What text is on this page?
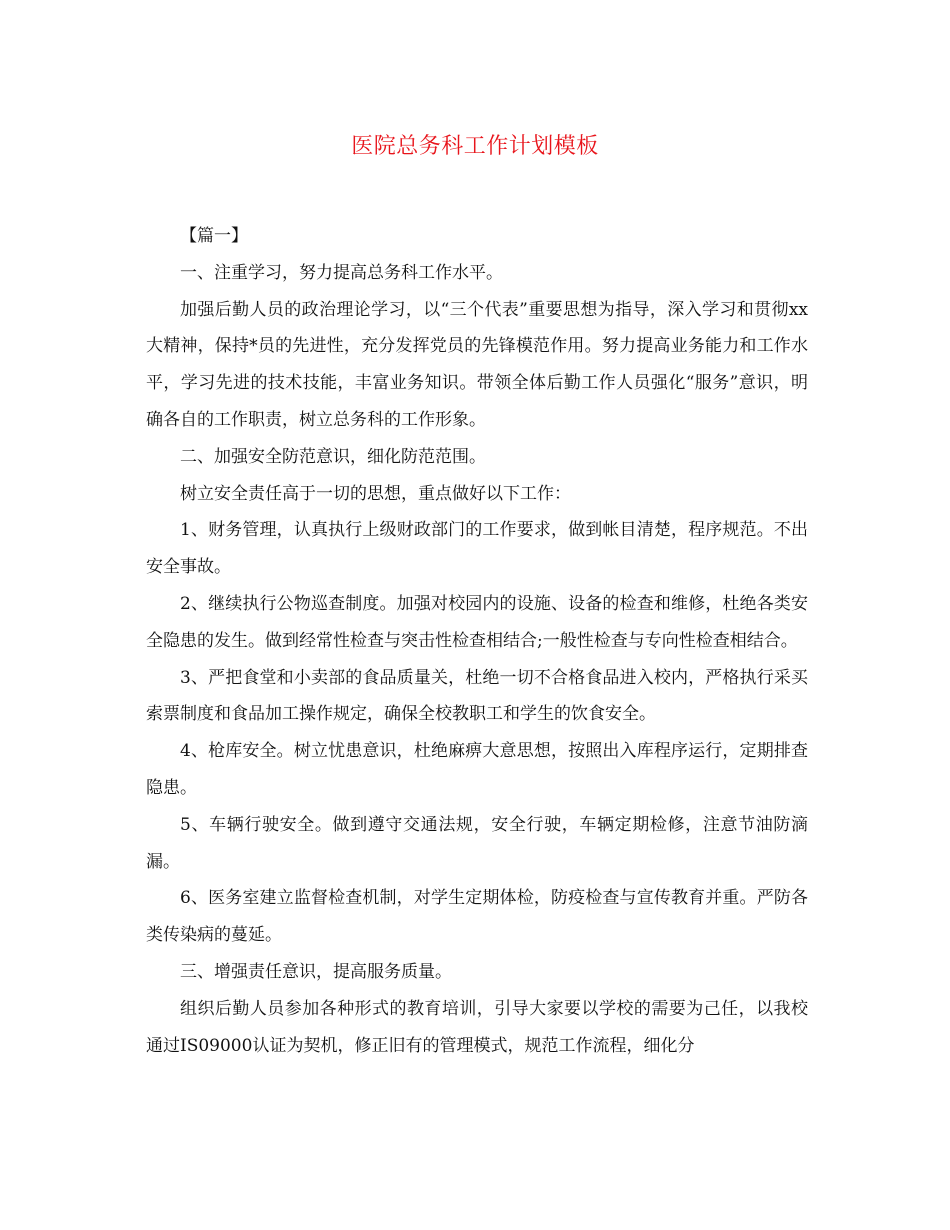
医院总务科工作计划模板

【篇一】

一、注重学习，努力提高总务科工作水平。

加强后勤人员的政治理论学习，以“三个代表”重要思想为指导，深入学习和贯彻xx大精神，保持*员的先进性，充分发挥党员的先锋模范作用。努力提高业务能力和工作水平，学习先进的技术技能，丰富业务知识。带领全体后勤工作人员强化“服务”意识，明确各自的工作职责，树立总务科的工作形象。

二、加强安全防范意识，细化防范范围。

树立安全责任高于一切的思想，重点做好以下工作：

1、财务管理，认真执行上级财政部门的工作要求，做到帐目清楚，程序规范。不出安全事故。

2、继续执行公物巡查制度。加强对校园内的设施、设备的检查和维修，杜绝各类安全隐患的发生。做到经常性检查与突击性检查相结合;一般性检查与专向性检查相结合。

3、严把食堂和小卖部的食品质量关，杜绝一切不合格食品进入校内，严格执行采买索票制度和食品加工操作规定，确保全校教职工和学生的饮食安全。

4、枪库安全。树立忧患意识，杜绝麻痹大意思想，按照出入库程序运行，定期排查隐患。

5、车辆行驶安全。做到遵守交通法规，安全行驶，车辆定期检修，注意节油防滴漏。

6、医务室建立监督检查机制，对学生定期体检，防疫检查与宣传教育并重。严防各类传染病的蔓延。

三、增强责任意识，提高服务质量。

组织后勤人员参加各种形式的教育培训，引导大家要以学校的需要为己任，以我校通过IS09000认证为契机，修正旧有的管理模式，规范工作流程，细化分
